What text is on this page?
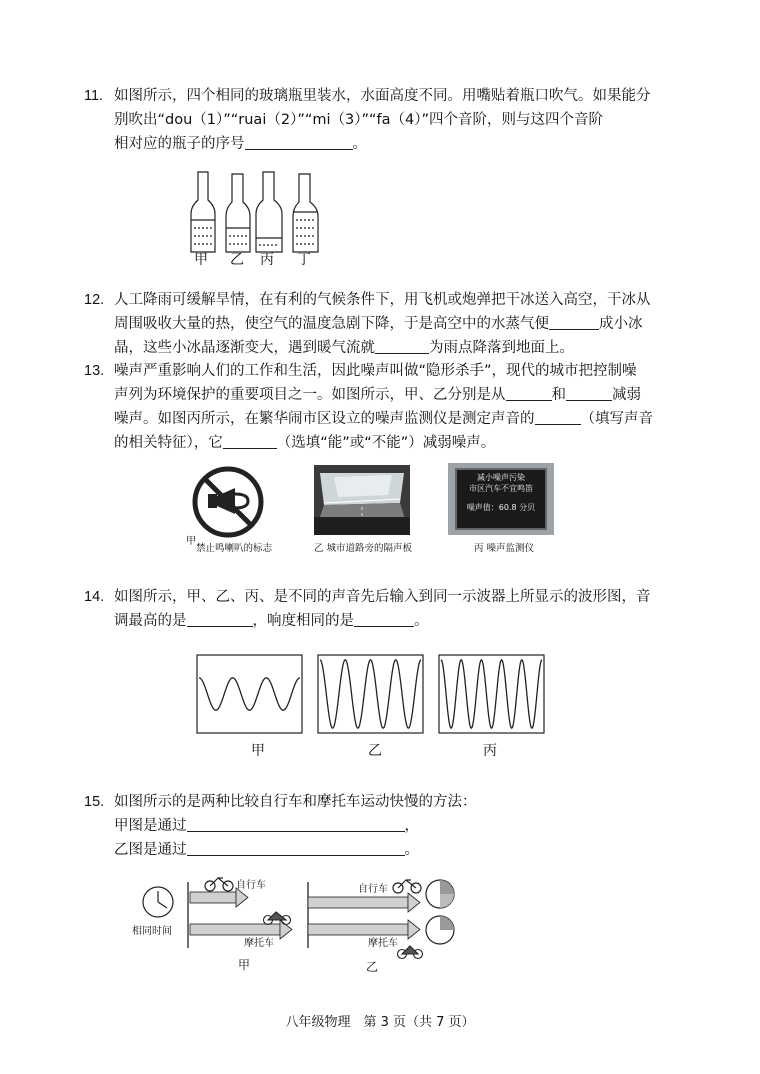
11. 如图所示，四个相同的玻璃瓶里装水，水面高度不同。用嘴贴着瓶口吹气。如果能分
别吹出“dou（1）”“ruai（2）”“mi（3）”“fa（4）”四个音阶，则与这四个音阶
相对应的瓶子的序号	。
甲 乙 丙 丁
12. 人工降雨可缓解旱情，在有利的气候条件下，用飞机或炮弹把干冰送入高空，干冰从
周围吸收大量的热，使空气的温度急剧下降，于是高空中的水蒸气便	成小冰
晶，这些小冰晶逐渐变大，遇到暖气流就	为雨点降落到地面上。
13. 噪声严重影响人们的工作和生活，因此噪声叫做“隐形杀手”，现代的城市把控制噪
声列为环境保护的重要项目之一。如图所示，甲、乙分别是从	和	减弱
噪声。如图丙所示，在繁华闹市区设立的噪声监测仪是测定声音的	（填写声音
的相关特征），它	（选填“能”或“不能”）减弱噪声。
甲
禁止鸣喇叭的标志	乙 城市道路旁的隔声板
减小噪声污染
市区汽车不宜鸣笛
噪声值：60.8 分贝
丙 噪声监测仪
14. 如图所示，甲、乙、丙、是不同的声音先后输入到同一示波器上所显示的波形图，音
调最高的是	，响度相同的是	。
甲	乙	丙
15. 如图所示的是两种比较自行车和摩托车运动快慢的方法：
甲图是通过	，
乙图是通过	。
自行车
摩托车
相同时间
自行车
摩托车
甲	乙
八年级物理　第 3 页（共 7 页）
